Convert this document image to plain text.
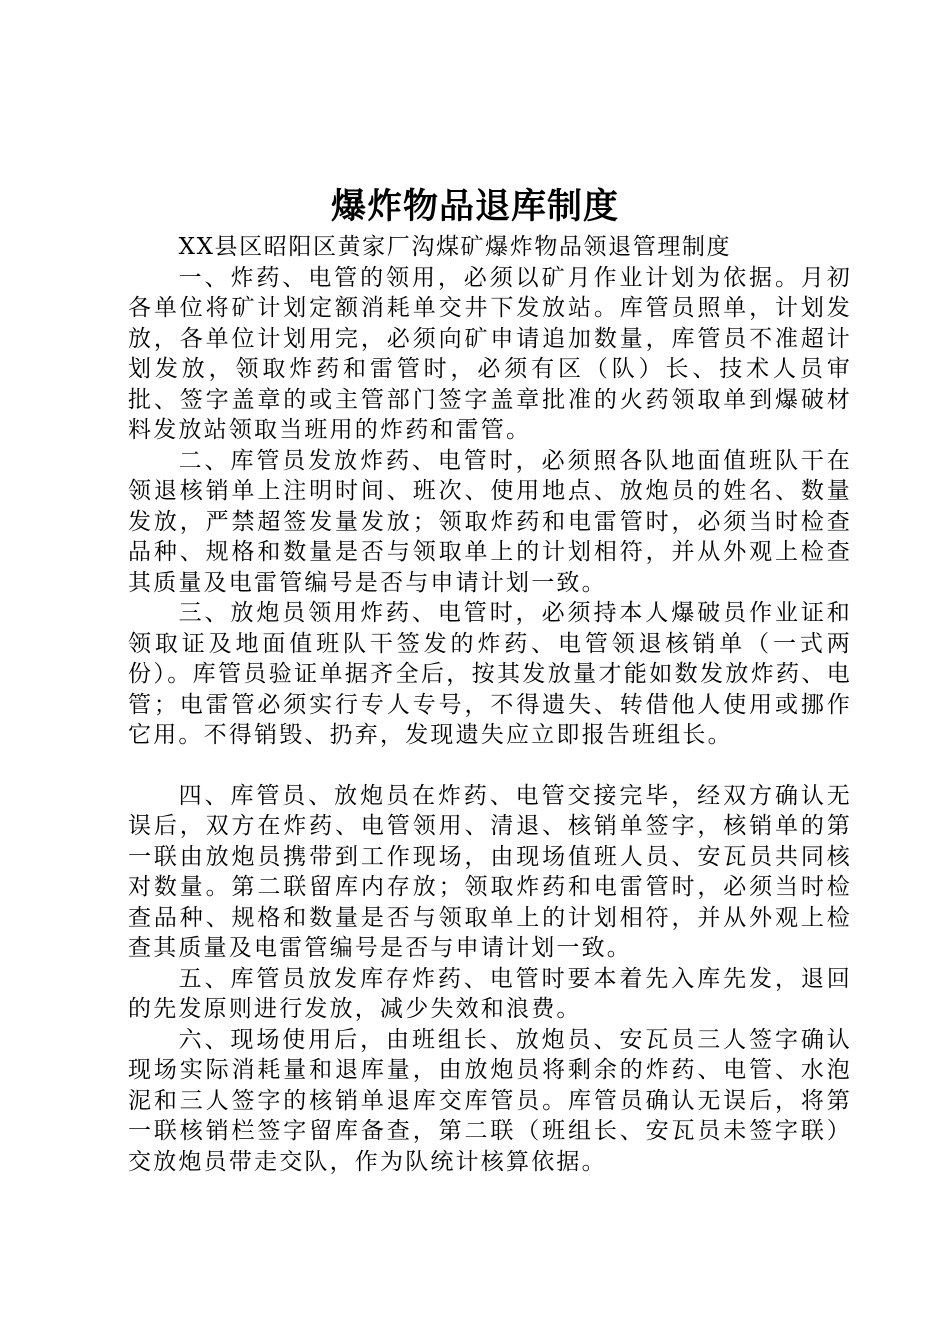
爆炸物品退库制度

XX县区昭阳区黄家厂沟煤矿爆炸物品领退管理制度

一、炸药、电管的领用，必须以矿月作业计划为依据。月初各单位将矿计划定额消耗单交井下发放站。库管员照单，计划发放，各单位计划用完，必须向矿申请追加数量，库管员不准超计划发放，领取炸药和雷管时，必须有区（队）长、技术人员审批、签字盖章的或主管部门签字盖章批准的火药领取单到爆破材料发放站领取当班用的炸药和雷管。

二、库管员发放炸药、电管时，必须照各队地面值班队干在领退核销单上注明时间、班次、使用地点、放炮员的姓名、数量发放，严禁超签发量发放；领取炸药和电雷管时，必须当时检查品种、规格和数量是否与领取单上的计划相符，并从外观上检查其质量及电雷管编号是否与申请计划一致。

三、放炮员领用炸药、电管时，必须持本人爆破员作业证和领取证及地面值班队干签发的炸药、电管领退核销单（一式两份）。库管员验证单据齐全后，按其发放量才能如数发放炸药、电管；电雷管必须实行专人专号，不得遗失、转借他人使用或挪作它用。不得销毁、扔弃，发现遗失应立即报告班组长。

四、库管员、放炮员在炸药、电管交接完毕，经双方确认无误后，双方在炸药、电管领用、清退、核销单签字，核销单的第一联由放炮员携带到工作现场，由现场值班人员、安瓦员共同核对数量。第二联留库内存放；领取炸药和电雷管时，必须当时检查品种、规格和数量是否与领取单上的计划相符，并从外观上检查其质量及电雷管编号是否与申请计划一致。

五、库管员放发库存炸药、电管时要本着先入库先发，退回的先发原则进行发放，减少失效和浪费。

六、现场使用后，由班组长、放炮员、安瓦员三人签字确认现场实际消耗量和退库量，由放炮员将剩余的炸药、电管、水泡泥和三人签字的核销单退库交库管员。库管员确认无误后，将第一联核销栏签字留库备查，第二联（班组长、安瓦员未签字联）交放炮员带走交队，作为队统计核算依据。
